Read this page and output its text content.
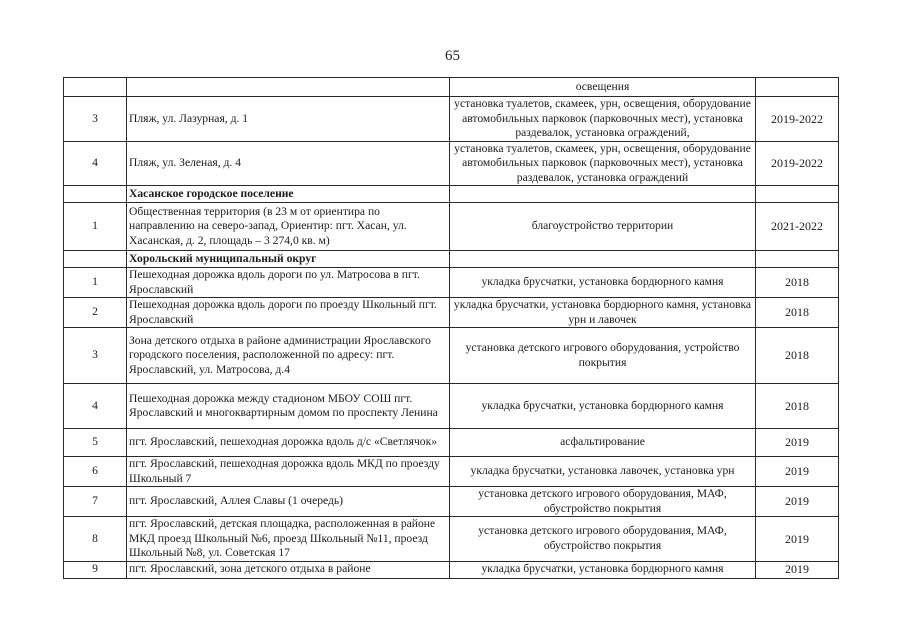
65
		освещения	
3	Пляж, ул. Лазурная, д. 1	установка туалетов, скамеек, урн, освещения, оборудование автомобильных парковок (парковочных мест), установка раздевалок, установка ограждений,	2019-2022
4	Пляж, ул. Зеленая, д. 4	установка туалетов, скамеек, урн, освещения, оборудование автомобильных парковок (парковочных мест), установка раздевалок, установка ограждений	2019-2022
	Хасанское городское поселение		
1	Общественная территория (в 23 м от ориентира по направлению на северо-запад, Ориентир: пгт. Хасан, ул. Хасанская, д. 2, площадь – 3 274,0 кв. м)	благоустройство территории	2021-2022
	Хорольский муниципальный округ		
1	Пешеходная дорожка вдоль дороги по ул. Матросова в пгт. Ярославский	укладка брусчатки, установка бордюрного камня	2018
2	Пешеходная дорожка вдоль дороги по проезду Школьный пгт. Ярославский	укладка брусчатки, установка бордюрного камня, установка урн и лавочек	2018
3	Зона детского отдыха в районе администрации Ярославского городского поселения, расположенной по адресу: пгт. Ярославский, ул. Матросова, д.4	установка детского игрового оборудования, устройство покрытия	2018
4	Пешеходная дорожка между стадионом МБОУ СОШ пгт. Ярославский и многоквартирным домом по проспекту Ленина	укладка брусчатки, установка бордюрного камня	2018
5	пгт. Ярославский, пешеходная дорожка вдоль д/с «Светлячок»	асфальтирование	2019
6	пгт. Ярославский, пешеходная дорожка вдоль МКД по проезду Школьный 7	укладка брусчатки, установка лавочек, установка урн	2019
7	пгт. Ярославский, Аллея Славы (1 очередь)	установка детского игрового оборудования, МАФ, обустройство покрытия	2019
8	пгт. Ярославский, детская площадка, расположенная в районе МКД проезд Школьный №6, проезд Школьный №11, проезд Школьный №8, ул. Советская 17	установка детского игрового оборудования, МАФ, обустройство покрытия	2019
9	пгт. Ярославский, зона детского отдыха в районе	укладка брусчатки, установка бордюрного камня	2019
